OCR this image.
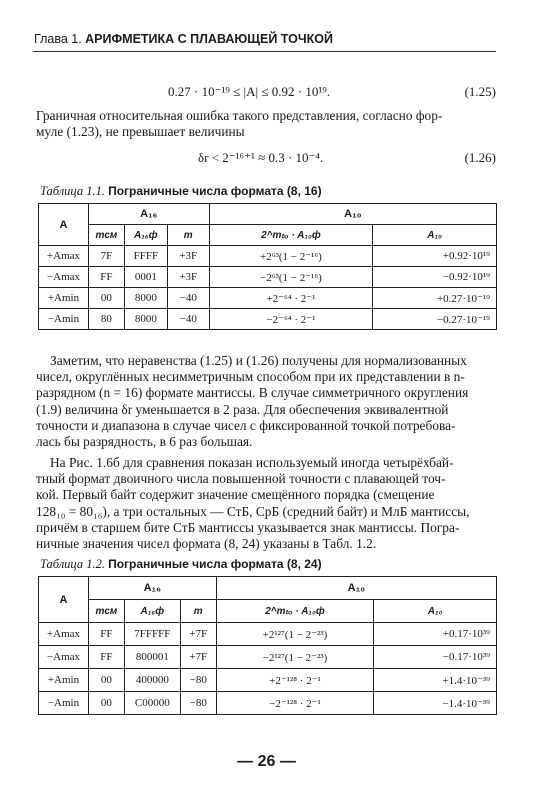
Глава 1. АРИФМЕТИКА С ПЛАВАЮЩЕЙ ТОЧКОЙ
0.27 · 10⁻¹⁹ ≤ |A| ≤ 0.92 · 10¹⁹.	(1.25)
Граничная относительная ошибка такого представления, согласно фор-
муле (1.23), не превышает величины
δr < 2⁻¹⁶⁺¹ ≈ 0.3 · 10⁻⁴.	(1.26)
Таблица 1.1. Пограничные числа формата (8, 16)
A	A₁₆			A₁₀	
	mсм	A₁₆ф	m	2^mₜₒ · A₁₀ф	A₁₀
+Amax	7F	FFFF	+3F	+2⁶³(1 − 2⁻¹⁶)	+0.92·10¹⁹
−Amax	FF	0001	+3F	−2⁶³(1 − 2⁻¹⁶)	−0.92·10¹⁹
+Amin	00	8000	−40	+2⁻⁶⁴ · 2⁻¹	+0.27·10⁻¹⁹
−Amin	80	8000	−40	−2⁻⁶⁴ · 2⁻¹	−0.27·10⁻¹⁹
Заметим, что неравенства (1.25) и (1.26) получены для нормализованных
чисел, округлённых несимметричным способом при их представлении в n-
разрядном (n = 16) формате мантиссы. В случае симметричного округления
(1.9) величина δr уменьшается в 2 раза. Для обеспечения эквивалентной
точности и диапазона в случае чисел с фиксированной точкой потребова-
лась бы разрядность, в 6 раз большая.
На Рис. 1.6б для сравнения показан используемый иногда четырёхбай-
тный формат двоичного числа повышенной точности с плавающей точ-
кой. Первый байт содержит значение смещённого порядка (смещение
128₁₀ = 80₁₆), а три остальных — СтБ, СрБ (средний байт) и МлБ мантиссы,
причём в старшем бите СтБ мантиссы указывается знак мантиссы. Погра-
ничные значения чисел формата (8, 24) указаны в Табл. 1.2.
Таблица 1.2. Пограничные числа формата (8, 24)
A	A₁₆			A₁₀	
	mсм	A₁₆ф	m	2^mₜₒ · A₁₀ф	A₁₀
+Amax	FF	7FFFFF	+7F	+2¹²⁷(1 − 2⁻²³)	+0.17·10³⁹
−Amax	FF	800001	+7F	−2¹²⁷(1 − 2⁻²³)	−0.17·10³⁹
+Amin	00	400000	−80	+2⁻¹²⁸ · 2⁻¹	+1.4·10⁻³⁹
−Amin	00	C00000	−80	−2⁻¹²⁸ · 2⁻¹	−1.4·10⁻³⁹
— 26 —
